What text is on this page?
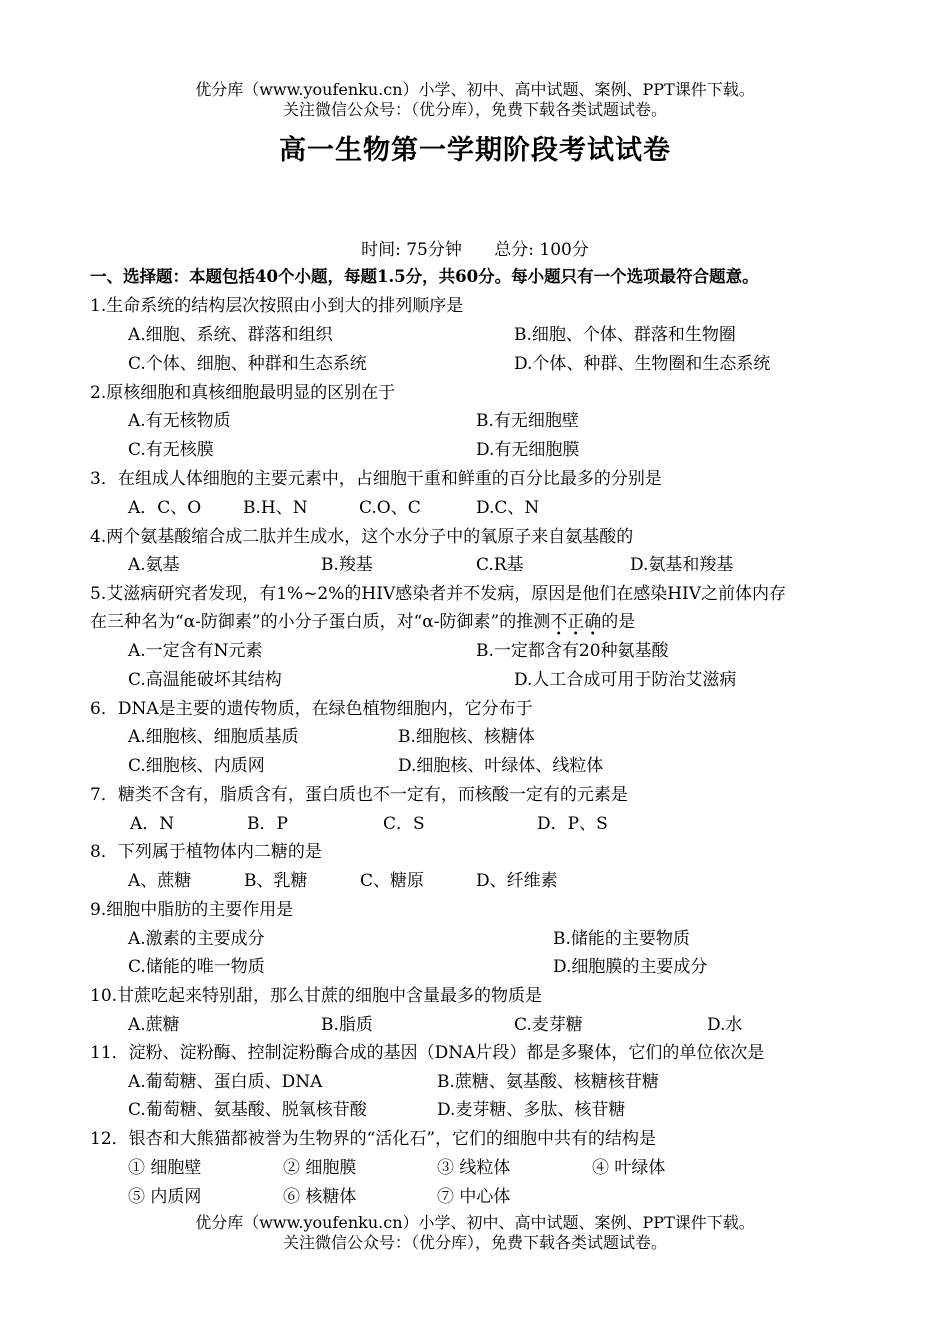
优分库（www.youfenku.cn）小学、初中、高中试题、案例、PPT课件下载。
关注微信公众号：（优分库），免费下载各类试题试卷。
高一生物第一学期阶段考试试卷
时间: 75分钟      总分: 100分
一、选择题：本题包括40个小题，每题1.5分，共60分。每小题只有一个选项最符合题意。
1.生命系统的结构层次按照由小到大的排列顺序是
A.细胞、系统、群落和组织	B.细胞、个体、群落和生物圈
C.个体、细胞、种群和生态系统	D.个体、种群、生物圈和生态系统
2.原核细胞和真核细胞最明显的区别在于
A.有无核物质	B.有无细胞壁
C.有无核膜	D.有无细胞膜
3．在组成人体细胞的主要元素中，占细胞干重和鲜重的百分比最多的分别是
A．C、O B.H、N	C.O、C	D.C、N
4.两个氨基酸缩合成二肽并生成水，这个水分子中的氧原子来自氨基酸的
A.氨基	B.羧基	C.R基	D.氨基和羧基
5.艾滋病研究者发现，有1%~2%的HIV感染者并不发病，原因是他们在感染HIV之前体内存
在三种名为“α-防御素”的小分子蛋白质，对“α-防御素”的推测不正确的是
A.一定含有N元素	B.一定都含有20种氨基酸
C.高温能破坏其结构	D.人工合成可用于防治艾滋病
6．DNA是主要的遗传物质，在绿色植物细胞内，它分布于
A.细胞核、细胞质基质	B.细胞核、核糖体
C.细胞核、内质网	D.细胞核、叶绿体、线粒体
7．糖类不含有，脂质含有，蛋白质也不一定有，而核酸一定有的元素是
A．N	B．P	C．S	D．P、S
8．下列属于植物体内二糖的是
A、蔗糖	B、乳糖	C、糖原	D、纤维素
9.细胞中脂肪的主要作用是
A.激素的主要成分	B.储能的主要物质
C.储能的唯一物质	D.细胞膜的主要成分
10.甘蔗吃起来特别甜，那么甘蔗的细胞中含量最多的物质是
A.蔗糖	B.脂质	C.麦芽糖	D.水
11．淀粉、淀粉酶、控制淀粉酶合成的基因（DNA片段）都是多聚体，它们的单位依次是
A.葡萄糖、蛋白质、DNA	B.蔗糖、氨基酸、核糖核苷糖
C.葡萄糖、氨基酸、脱氧核苷酸	D.麦芽糖、多肽、核苷糖
12．银杏和大熊猫都被誉为生物界的“活化石”，它们的细胞中共有的结构是
① 细胞壁	② 细胞膜	③ 线粒体	④ 叶绿体
⑤ 内质网	⑥ 核糖体	⑦ 中心体
优分库（www.youfenku.cn）小学、初中、高中试题、案例、PPT课件下载。
关注微信公众号：（优分库），免费下载各类试题试卷。
